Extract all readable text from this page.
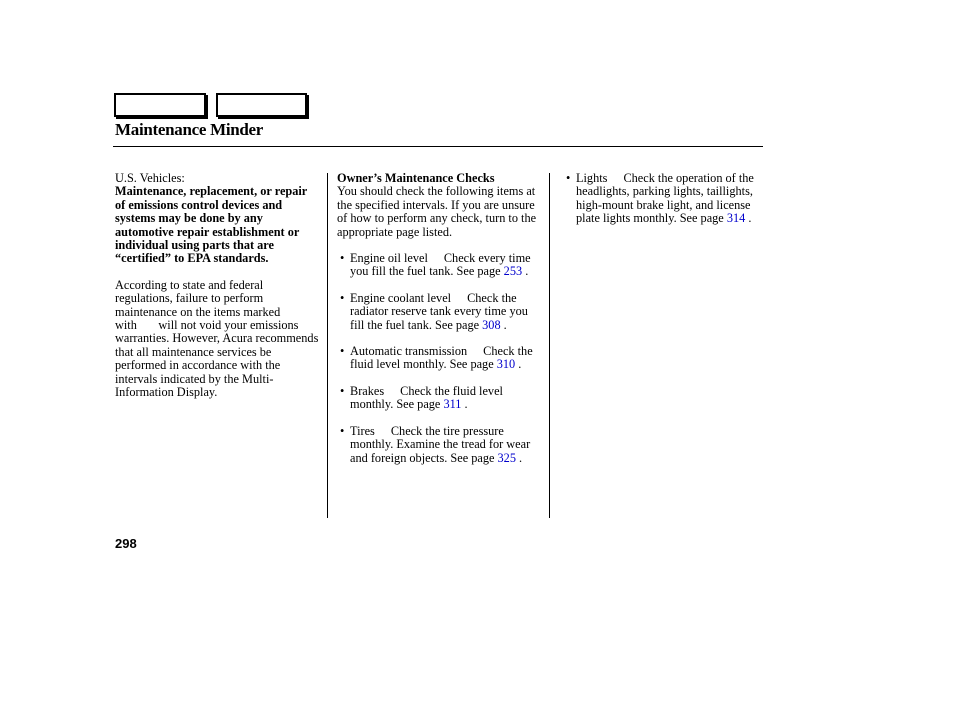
Maintenance Minder

U.S. Vehicles:

Maintenance, replacement, or repair of emissions control devices and systems may be done by any automotive repair establishment or individual using parts that are “certified” to EPA standards.

According to state and federal regulations, failure to perform maintenance on the items marked with will not void your emissions warranties. However, Acura recommends that all maintenance services be performed in accordance with the intervals indicated by the Multi-Information Display.

Owner’s Maintenance Checks

You should check the following items at the specified intervals. If you are unsure of how to perform any check, turn to the appropriate page listed.

• Engine oil level Check every time you fill the fuel tank. See page 253 .

• Engine coolant level Check the radiator reserve tank every time you fill the fuel tank. See page 308 .

• Automatic transmission Check the fluid level monthly. See page 310 .

• Brakes Check the fluid level monthly. See page 311 .

• Tires Check the tire pressure monthly. Examine the tread for wear and foreign objects. See page 325 .

• Lights Check the operation of the headlights, parking lights, taillights, high-mount brake light, and license plate lights monthly. See page 314 .

298
